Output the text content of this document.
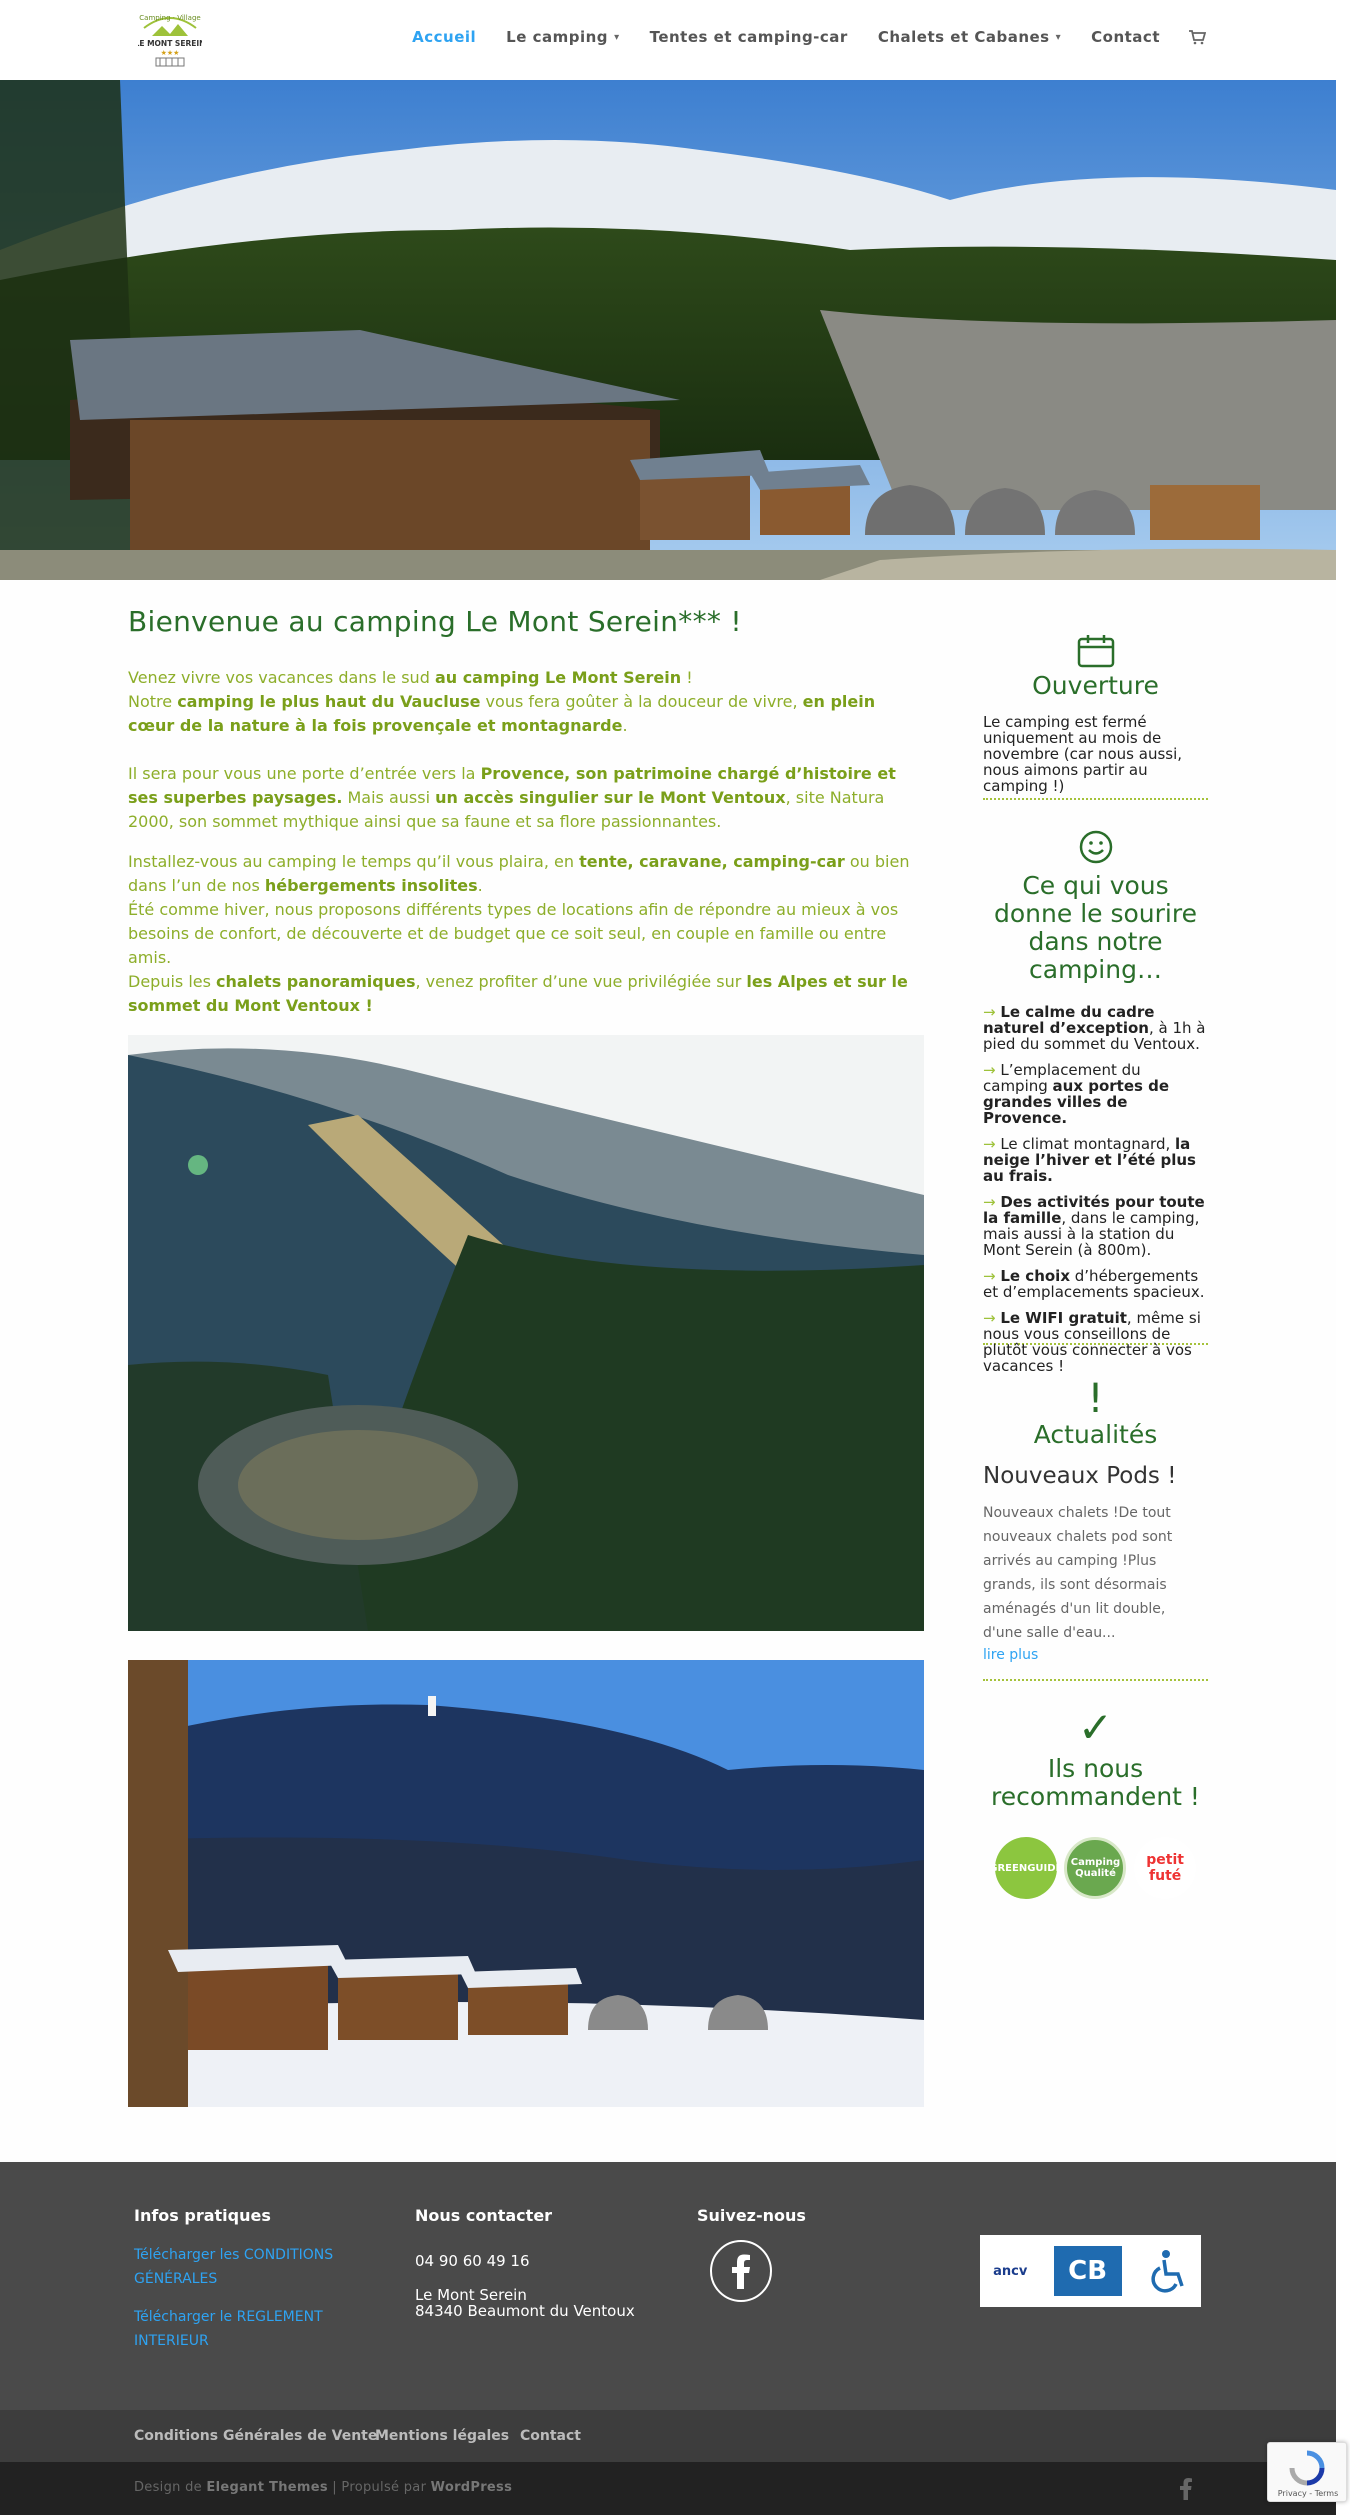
Camping · Village
LE MONT SEREIN
★★★
Accueil Le camping ▾ Tentes et camping-car Chalets et Cabanes ▾ Contact
Bienvenue au camping Le Mont Serein*** !

Venez vivre vos vacances dans le sud au camping Le Mont Serein !
Notre camping le plus haut du Vaucluse vous fera goûter à la douceur de vivre, en plein cœur de la nature à la fois provençale et montagnarde.

Il sera pour vous une porte d’entrée vers la Provence, son patrimoine chargé d’histoire et ses superbes paysages. Mais aussi un accès singulier sur le Mont Ventoux, site Natura 2000, son sommet mythique ainsi que sa faune et sa flore passionnantes.

Installez-vous au camping le temps qu’il vous plaira, en tente, caravane, camping-car ou bien dans l’un de nos hébergements insolites.
Été comme hiver, nous proposons différents types de locations afin de répondre au mieux à vos besoins de confort, de découverte et de budget que ce soit seul, en couple en famille ou entre amis.
Depuis les chalets panoramiques, venez profiter d’une vue privilégiée sur les Alpes et sur le sommet du Mont Ventoux !

Ouverture
Le camping est fermé uniquement au mois de novembre (car nous aussi, nous aimons partir au camping !)
Ce qui vous donne le sourire dans notre camping…
→ Le calme du cadre naturel d’exception, à 1h à pied du sommet du Ventoux.
→ L’emplacement du camping aux portes de grandes villes de Provence.
→ Le climat montagnard, la neige l’hiver et l’été plus au frais.
→ Des activités pour toute la famille, dans le camping, mais aussi à la station du Mont Serein (à 800m).
→ Le choix d’hébergements et d’emplacements spacieux.
→ Le WIFI gratuit, même si nous vous conseillons de plutôt vous connecter à vos vacances !
!
Actualités
Nouveaux Pods !
Nouveaux chalets !De tout nouveaux chalets pod sont arrivés au camping !Plus grands, ils sont désormais aménagés d'un lit double, d'une salle d'eau...
lire plus
✓
Ils nous recommandent !
GREENGUIDE Camping Qualité
petit futé
Infos pratiques
Télécharger les CONDITIONS GÉNÉRALES
Télécharger le REGLEMENT INTERIEUR
Nous contacter
04 90 60 49 16
Le Mont Serein
84340 Beaumont du Ventoux
Suivez-nous
ancv	CB
Conditions Générales de Vente
Mentions légales Contact
Design de Elegant Themes | Propulsé par WordPress	Privacy - Terms
